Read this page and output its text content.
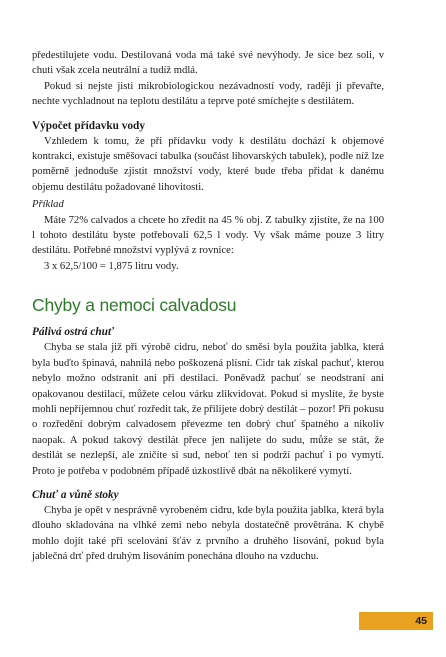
předestilujete vodu. Destilovaná voda má také své nevýhody. Je sice bez soli, v chuti však zcela neutrální a tudíž mdlá.

Pokud si nejste jisti mikrobiologickou nezávadností vody, raději ji převařte, nechte vychladnout na teplotu destilátu a teprve poté smíchejte s destilátem.

Výpočet přídavku vody

Vzhledem k tomu, že při přídavku vody k destilátu dochází k objemové kontrakci, existuje směšovací tabulka (součást lihovarských tabulek), podle níž lze poměrně jednoduše zjistit množství vody, které bude třeba přidat k danému objemu destilátu požadované lihovitosti.

Příklad

Máte 72% calvados a chcete ho zředit na 45 % obj. Z tabulky zjistíte, že na 100 l tohoto destilátu byste potřebovali 62,5 l vody. Vy však máme pouze 3 litry destilátu. Potřebné množství vyplývá z rovnice:

3 x 62,5/100 = 1,875 litru vody.

Chyby a nemoci calvadosu
Pálivá ostrá chuť

Chyba se stala již při výrobě cidru, neboť do směsi byla použita jablka, která byla buďto špinavá, nahnilá nebo poškozená plísní. Cidr tak získal pachuť, kterou nebylo možno odstranit ani při destilaci. Poněvadž pachuť se neodstraní ani opakovanou destilací, můžete celou várku zlikvidovat. Pokud si myslíte, že byste mohli nepříjemnou chuť rozředit tak, že přilijete dobrý destilát – pozor! Při pokusu o rozředění dobrým calvadosem převezme ten dobrý chuť špatného a nikoliv naopak. A pokud takový destilát přece jen nalijete do sudu, může se stát, že destilát se nezlepší, ale zničíte si sud, neboť ten si podrží pachuť i po vymytí. Proto je potřeba v podobném případě úzkostlivě dbát na několikeré vymytí.

Chuť a vůně stoky

Chyba je opět v nesprávně vyrobeném cidru, kde byla použita jablka, která byla dlouho skladována na vlhké zemi nebo nebyla dostatečně provětrána. K chybě mohlo dojít také při scelování šťáv z prvního a druhého lisování, pokud byla jablečná drť před druhým lisováním ponechána dlouho na vzduchu.

45
